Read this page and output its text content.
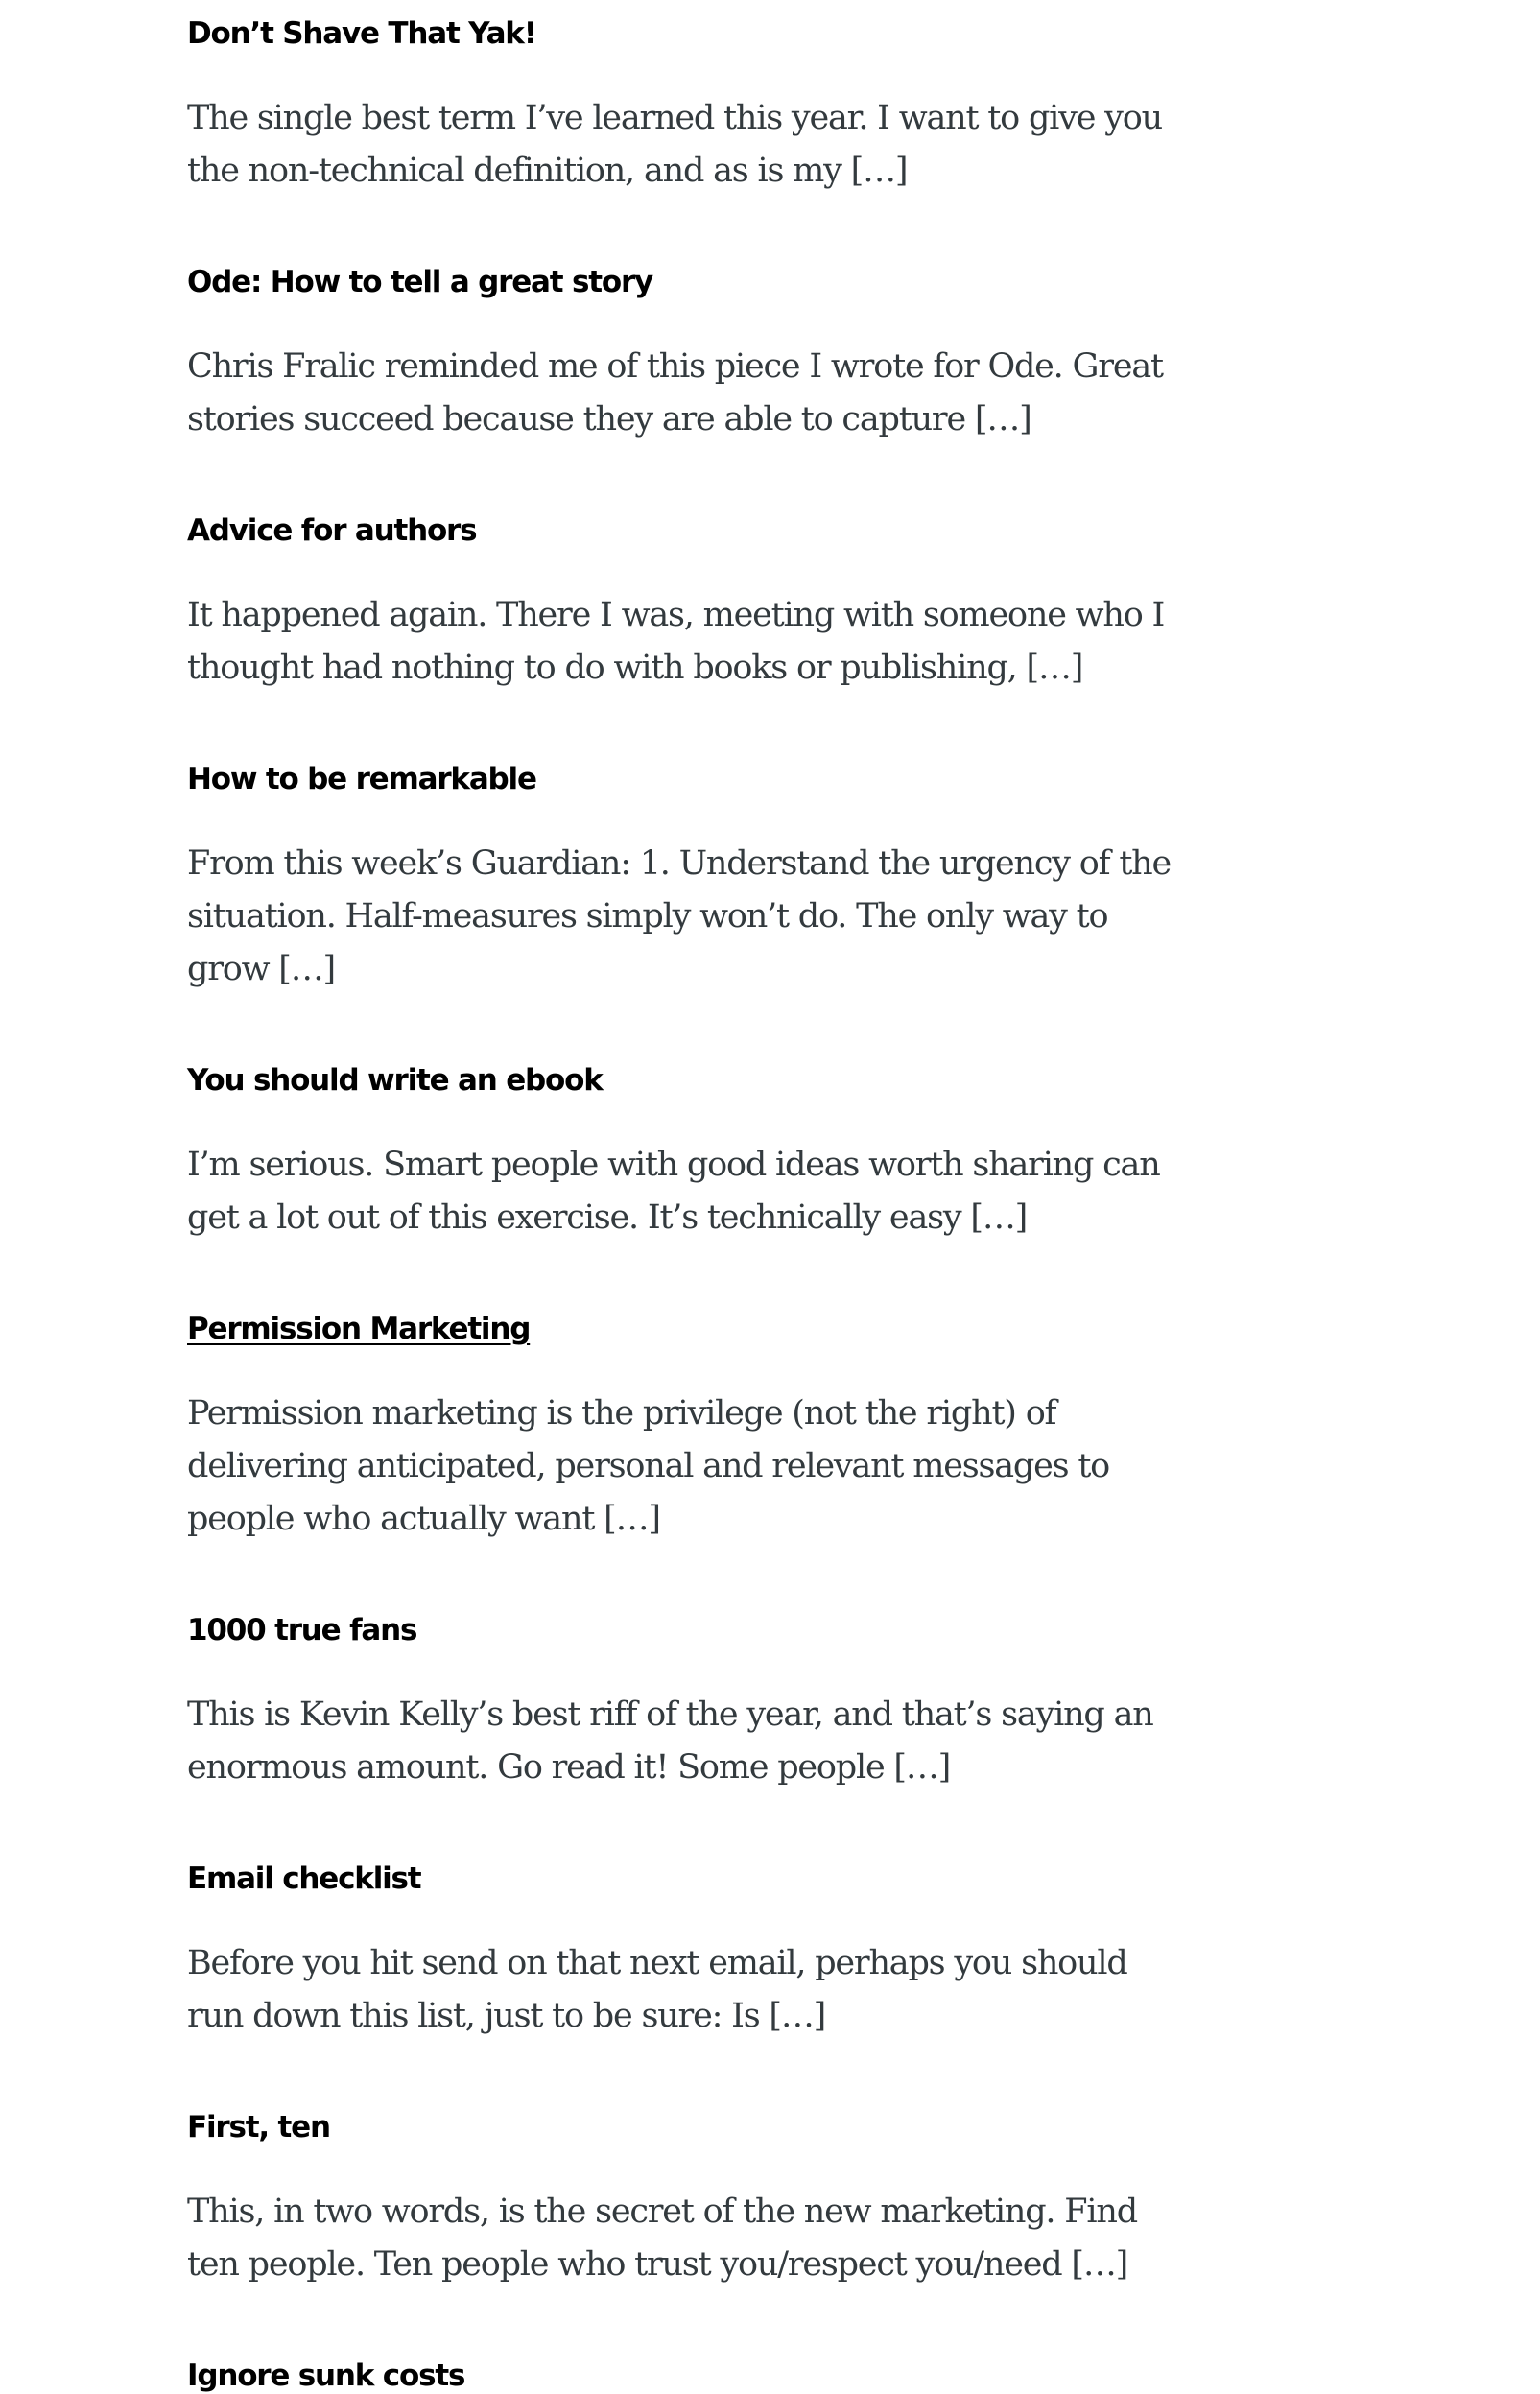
Don’t Shave That Yak!

The single best term I’ve learned this year. I want to give you the non-technical definition, and as is my […]

Ode: How to tell a great story

Chris Fralic reminded me of this piece I wrote for Ode. Great stories succeed because they are able to capture […]

Advice for authors

It happened again. There I was, meeting with someone who I thought had nothing to do with books or publishing, […]

How to be remarkable

From this week’s Guardian: 1. Understand the urgency of the situation. Half-measures simply won’t do. The only way to grow […]

You should write an ebook

I’m serious. Smart people with good ideas worth sharing can get a lot out of this exercise. It’s technically easy […]

Permission Marketing

Permission marketing is the privilege (not the right) of delivering anticipated, personal and relevant messages to people who actually want […]

1000 true fans

This is Kevin Kelly’s best riff of the year, and that’s saying an enormous amount. Go read it! Some people […]

Email checklist

Before you hit send on that next email, perhaps you should run down this list, just to be sure: Is […]

First, ten

This, in two words, is the secret of the new marketing. Find ten people. Ten people who trust you/respect you/need […]

Ignore sunk costs
